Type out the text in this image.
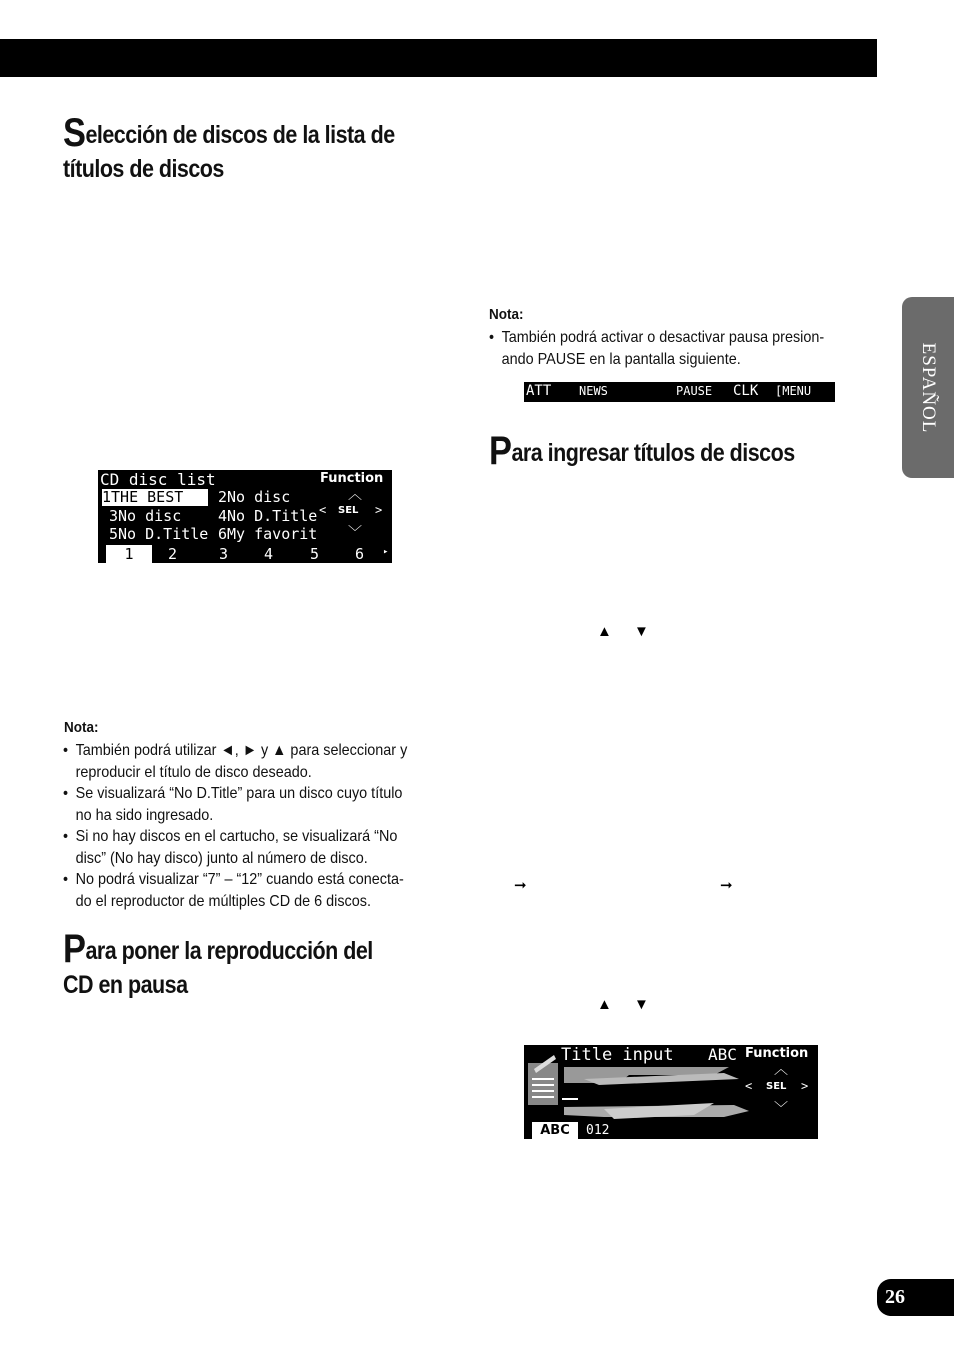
ESPAÑOL
Selección de discos de la lista de
títulos de discos
CD disc list	Function
︿
< SEL >
﹀
1THE BEST	2No disc
3No disc 4No D.Title
5No D.Title 6My favorit
1	2	3 4 5 6 ▸
Nota:
• También podrá utilizar ◄, ► y ▲ para seleccionar y
reproducir el título de disco deseado.
• Se visualizará “No D.Title” para un disco cuyo título
no ha sido ingresado.
• Si no hay discos en el cartucho, se visualizará “No
disc” (No hay disco) junto al número de disco.
• No podrá visualizar “7” – “12” cuando está conecta-
do el reproductor de múltiples CD de 6 discos.
Para poner la reproducción del
CD en pausa
Nota:
• También podrá activar o desactivar pausa presion-
ando PAUSE en la pantalla siguiente.
ATT NEWS	PAUSE CLK [MENU
Para ingresar títulos de discos
▲ ▼
➞	➞
▲ ▼
Title input ABC Function
︿
< SEL >
﹀
ABC	012
26
